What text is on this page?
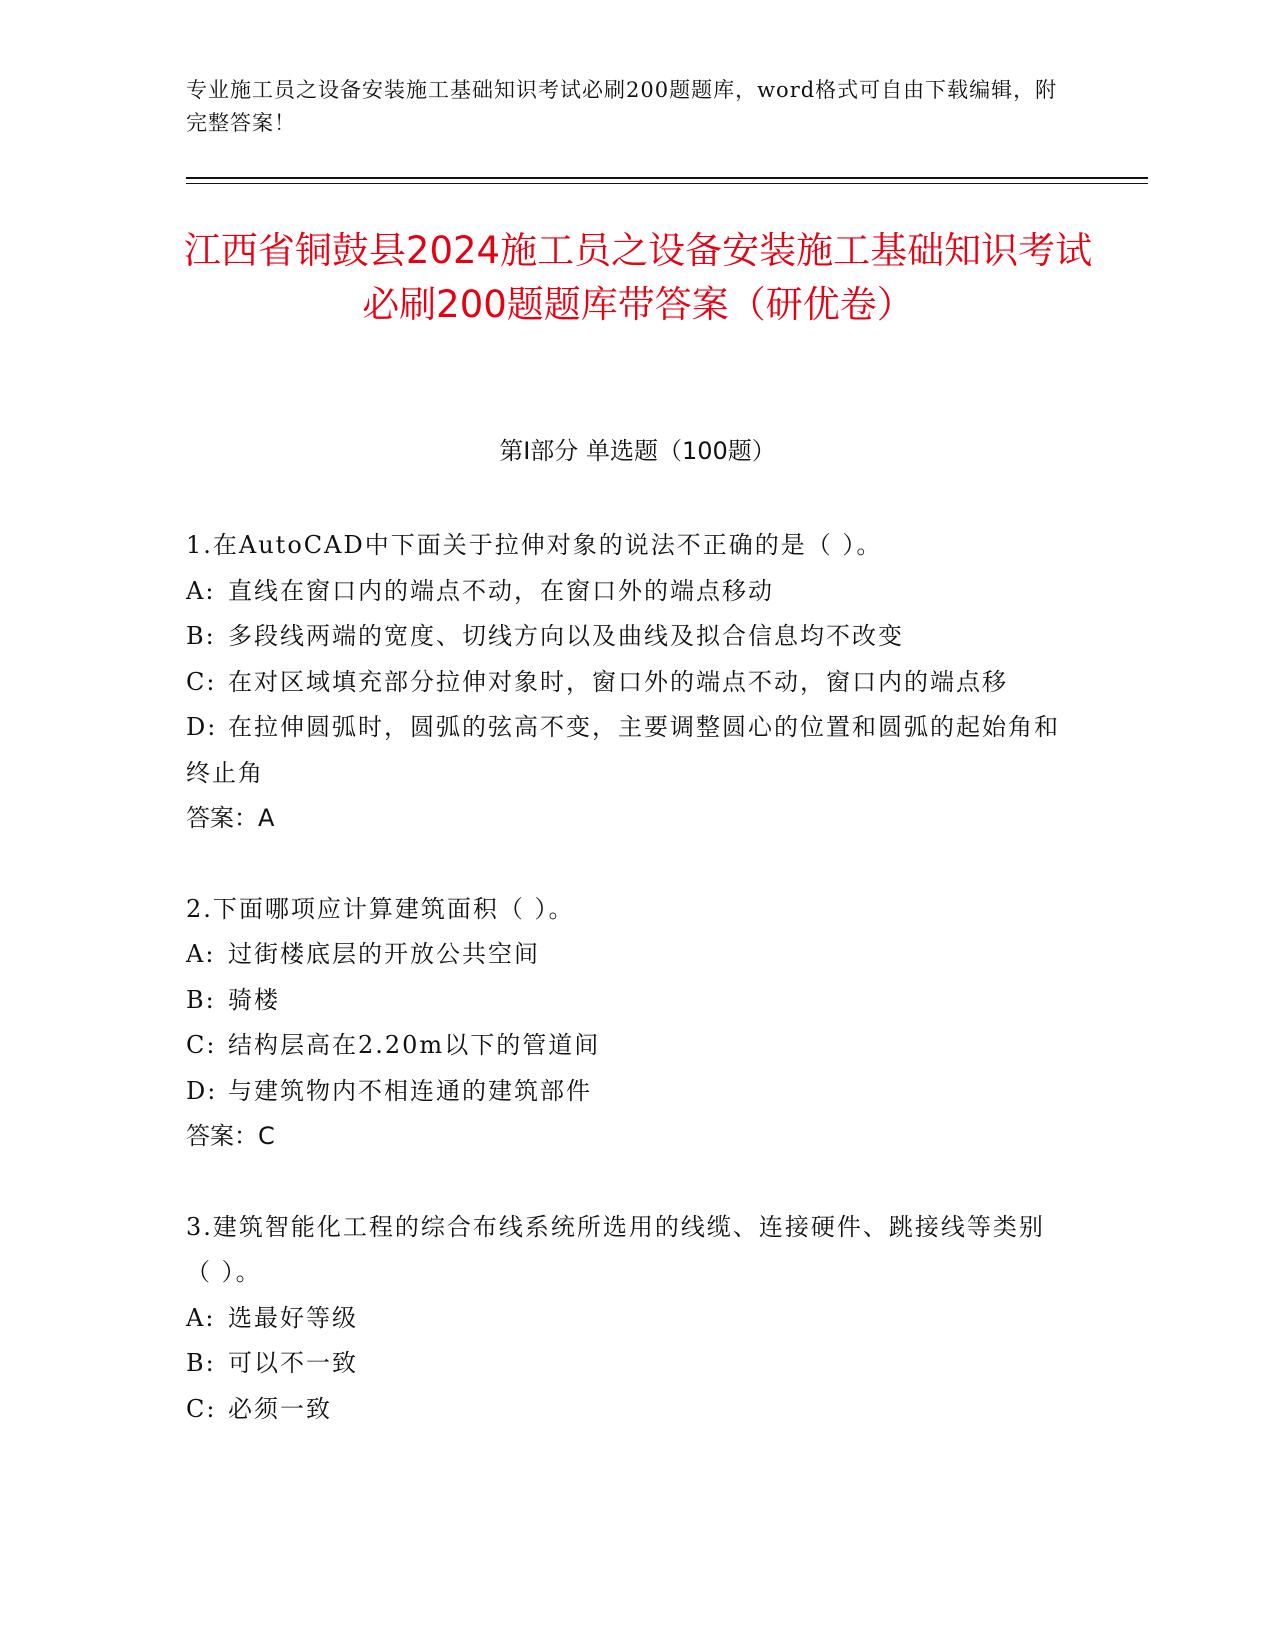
专业施工员之设备安装施工基础知识考试必刷200题题库，word格式可自由下载编辑，附完整答案！
江西省铜鼓县2024施工员之设备安装施工基础知识考试必刷200题题库带答案（研优卷）
第Ⅰ部分 单选题（100题）
1.在AutoCAD中下面关于拉伸对象的说法不正确的是（ ）。
A: 直线在窗口内的端点不动，在窗口外的端点移动
B: 多段线两端的宽度、切线方向以及曲线及拟合信息均不改变
C: 在对区域填充部分拉伸对象时，窗口外的端点不动，窗口内的端点移
D: 在拉伸圆弧时，圆弧的弦高不变，主要调整圆心的位置和圆弧的起始角和终止角
答案：A
2.下面哪项应计算建筑面积（ ）。
A: 过街楼底层的开放公共空间
B: 骑楼
C: 结构层高在2.20m以下的管道间
D: 与建筑物内不相连通的建筑部件
答案：C
3.建筑智能化工程的综合布线系统所选用的线缆、连接硬件、跳接线等类别（ ）。
A: 选最好等级
B: 可以不一致
C: 必须一致
